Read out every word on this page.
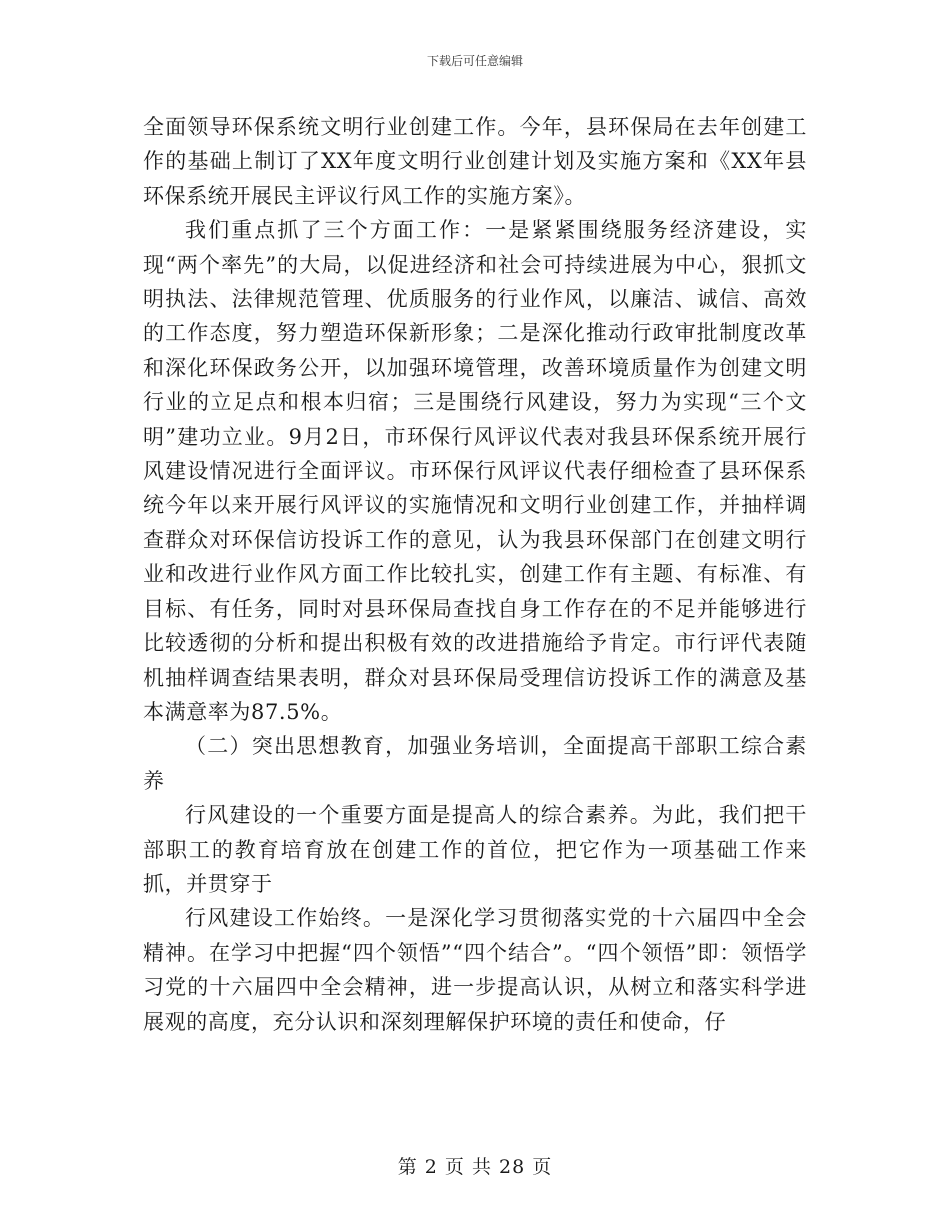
下载后可任意编辑

全面领导环保系统文明行业创建工作。今年，县环保局在去年创建工作的基础上制订了XX年度文明行业创建计划及实施方案和《XX年县环保系统开展民主评议行风工作的实施方案》。

我们重点抓了三个方面工作：一是紧紧围绕服务经济建设，实现“两个率先”的大局，以促进经济和社会可持续进展为中心，狠抓文明执法、法律规范管理、优质服务的行业作风，以廉洁、诚信、高效的工作态度，努力塑造环保新形象；二是深化推动行政审批制度改革和深化环保政务公开，以加强环境管理，改善环境质量作为创建文明行业的立足点和根本归宿；三是围绕行风建设，努力为实现“三个文明”建功立业。9月2日，市环保行风评议代表对我县环保系统开展行风建设情况进行全面评议。市环保行风评议代表仔细检查了县环保系统今年以来开展行风评议的实施情况和文明行业创建工作，并抽样调查群众对环保信访投诉工作的意见，认为我县环保部门在创建文明行业和改进行业作风方面工作比较扎实，创建工作有主题、有标准、有目标、有任务，同时对县环保局查找自身工作存在的不足并能够进行比较透彻的分析和提出积极有效的改进措施给予肯定。市行评代表随机抽样调查结果表明，群众对县环保局受理信访投诉工作的满意及基本满意率为87.5%。

（二）突出思想教育，加强业务培训，全面提高干部职工综合素养

行风建设的一个重要方面是提高人的综合素养。为此，我们把干部职工的教育培育放在创建工作的首位，把它作为一项基础工作来抓，并贯穿于

行风建设工作始终。一是深化学习贯彻落实党的十六届四中全会精神。在学习中把握“四个领悟”“四个结合”。“四个领悟”即：领悟学习党的十六届四中全会精神，进一步提高认识，从树立和落实科学进展观的高度，充分认识和深刻理解保护环境的责任和使命，仔

第 2 页 共 28 页
